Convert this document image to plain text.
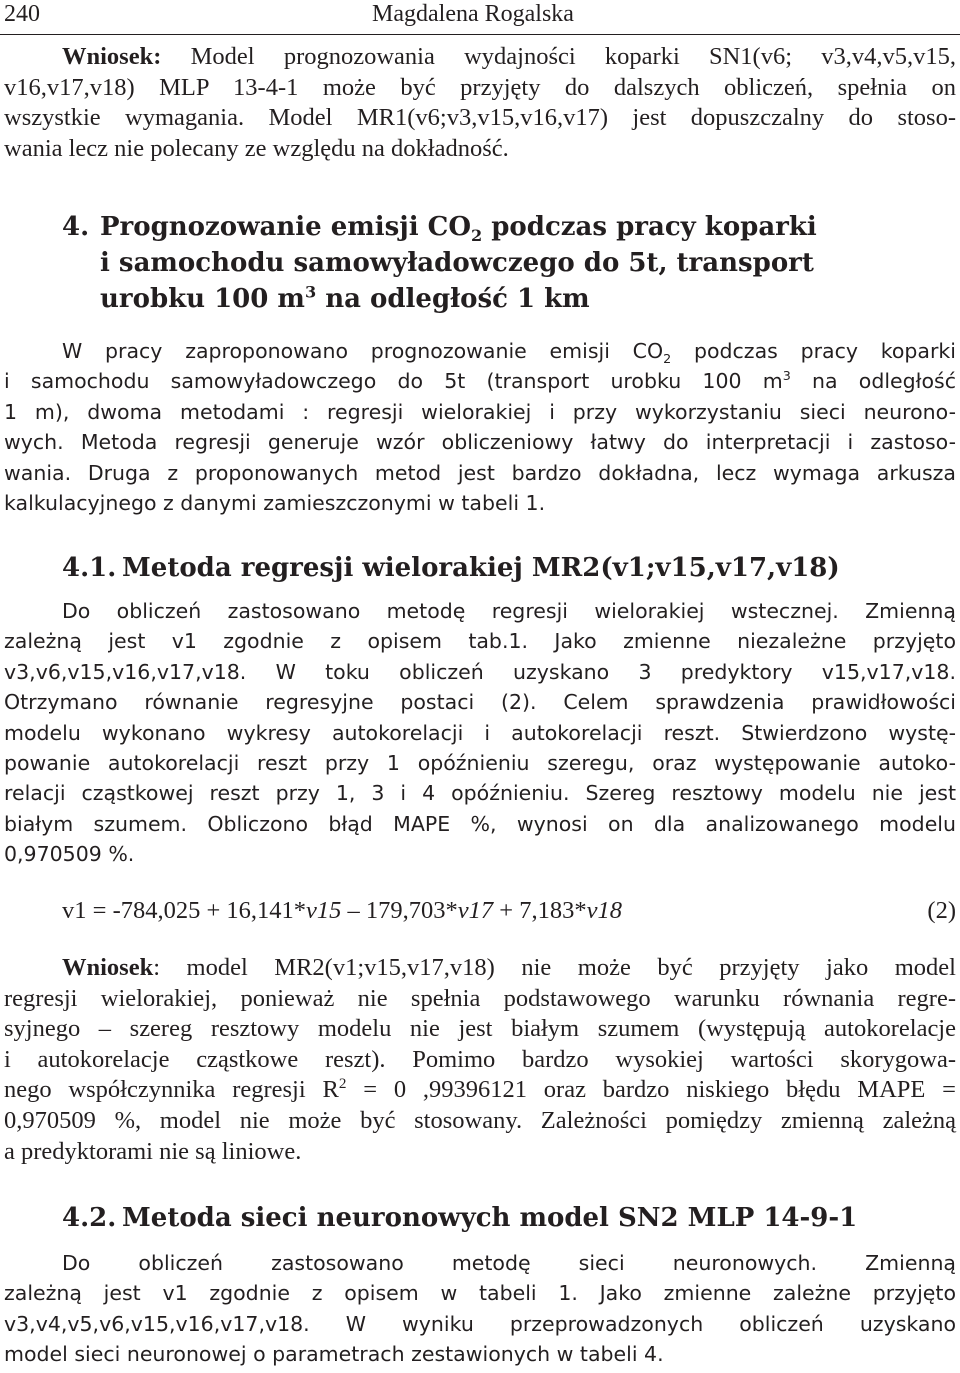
240	Magdalena Rogalska
Wniosek: Model prognozowania wydajności koparki SN1(v6; v3,v4,v5,v15,
v16,v17,v18) MLP 13-4-1 może być przyjęty do dalszych obliczeń, spełnia on
wszystkie wymagania. Model MR1(v6;v3,v15,v16,v17) jest dopuszczalny do stoso-
wania lecz nie polecany ze względu na dokładność.
4. Prognozowanie emisji $CO_2$ podczas pracy koparki
i samochodu samowyładowczego do 5t, transport
urobku 100 $m^3$ na odległość 1 km
W pracy zaproponowano prognozowanie emisji $CO_2$ podczas pracy koparki
i samochodu samowyładowczego do 5t (transport urobku 100 $m^3$ na odległość
1 m), dwoma metodami : regresji wielorakiej i przy wykorzystaniu sieci neurono-
wych. Metoda regresji generuje wzór obliczeniowy łatwy do interpretacji i zastoso-
wania. Druga z proponowanych metod jest bardzo dokładna, lecz wymaga arkusza
kalkulacyjnego z danymi zamieszczonymi w tabeli 1.
4.1. Metoda regresji wielorakiej MR2(v1;v15,v17,v18)
Do obliczeń zastosowano metodę regresji wielorakiej wstecznej. Zmienną
zależną jest v1 zgodnie z opisem tab.1. Jako zmienne niezależne przyjęto
v3,v6,v15,v16,v17,v18. W toku obliczeń uzyskano 3 predyktory v15,v17,v18.
Otrzymano równanie regresyjne postaci (2). Celem sprawdzenia prawidłowości
modelu wykonano wykresy autokorelacji i autokorelacji reszt. Stwierdzono wystę-
powanie autokorelacji reszt przy 1 opóźnieniu szeregu, oraz występowanie autoko-
relacji cząstkowej reszt przy 1, 3 i 4 opóźnieniu. Szereg resztowy modelu nie jest
białym szumem. Obliczono błąd MAPE %, wynosi on dla analizowanego modelu
0,970509 %.
v1 = -784,025 + 16,141*v15 – 179,703*v17 + 7,183*v18	(2)
Wniosek: model MR2(v1;v15,v17,v18) nie może być przyjęty jako model
regresji wielorakiej, ponieważ nie spełnia podstawowego warunku równania regre-
syjnego – szereg resztowy modelu nie jest białym szumem (występują autokorelacje
i autokorelacje cząstkowe reszt). Pomimo bardzo wysokiej wartości skorygowa-
nego współczynnika regresji $R^2 = 0$ ,99396121 oraz bardzo niskiego błędu MAPE =
0,970509 %, model nie może być stosowany. Zależności pomiędzy zmienną zależną
a predyktorami nie są liniowe.
4.2. Metoda sieci neuronowych model SN2 MLP 14-9-1
Do obliczeń zastosowano metodę sieci neuronowych. Zmienną
zależną jest v1 zgodnie z opisem w tabeli 1. Jako zmienne zależne przyjęto
v3,v4,v5,v6,v15,v16,v17,v18. W wyniku przeprowadzonych obliczeń uzyskano
model sieci neuronowej o parametrach zestawionych w tabeli 4.
